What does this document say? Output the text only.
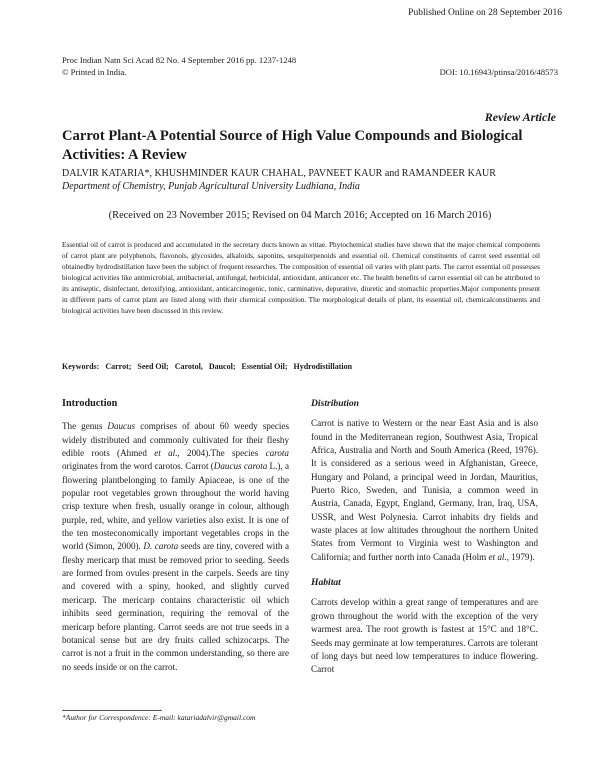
Published Online on 28 September 2016
Proc Indian Natn Sci Acad 82 No. 4 September 2016 pp. 1237-1248
© Printed in India.	DOI: 10.16943/ptinsa/2016/48573
Review Article
Carrot Plant-A Potential Source of High Value Compounds and Biological Activities: A Review
DALVIR KATARIA*, KHUSHMINDER KAUR CHAHAL, PAVNEET KAUR and RAMANDEER KAUR
Department of Chemistry, Punjab Agricultural University Ludhiana, India
(Received on 23 November 2015; Revised on 04 March 2016; Accepted on 16 March 2016)
Essential oil of carrot is produced and accumulated in the secretary ducts known as vittae. Phytochemical studies have shown that the major chemical components of carrot plant are polyphenols, flavonols, glycosides, alkaloids, saponins, sesquiterpenoids and essential oil. Chemical constituents of carrot seed essential oil obtainedby hydrodistillation have been the subject of frequent researches. The composition of essential oil varies with plant parts. The carrot essential oil possesses biological activities like antimicrobial, antibacterial, antifungal, herbicidal, antioxidant, anticancer etc. The health benefits of carrot essential oil can be attributed to its antiseptic, disinfectant, detoxifying, antioxidant, anticarcinogenic, tonic, carminative, depurative, diuretic and stomachic properties.Major components present in different parts of carrot plant are listed along with their chemical composition. The morphological details of plant, its essential oil, chemicalconstituents and biological activities have been discussed in this review.
Keywords: Carrot; Seed Oil; Carotol, Daucol; Essential Oil; Hydrodistillation
Introduction

The genus Daucus comprises of about 60 weedy species widely distributed and commonly cultivated for their fleshy edible roots (Ahmed et al., 2004).The species carota originates from the word carotos. Carrot (Daucus carota L.), a flowering plantbelonging to family Apiaceae, is one of the popular root vegetables grown throughout the world having crisp texture when fresh, usually orange in colour, although purple, red, white, and yellow varieties also exist. It is one of the ten mosteconomically important vegetables crops in the world (Simon, 2000). D. carota seeds are tiny, covered with a fleshy mericarp that must be removed prior to seeding. Seeds are formed from ovules present in the carpels. Seeds are tiny and covered with a spiny, hooked, and slightly curved mericarp. The mericarp contains characteristic oil which inhibits seed germination, requiring the removal of the mericarp before planting. Carrot seeds are not true seeds in a botanical sense but are dry fruits called schizocarps. The carrot is not a fruit in the common understanding, so there are no seeds inside or on the carrot.

Distribution

Carrot is native to Western or the near East Asia and is also found in the Mediterranean region, Southwest Asia, Tropical Africa, Australia and North and South America (Reed, 1976). It is considered as a serious weed in Afghanistan, Greece, Hungary and Poland, a principal weed in Jordan, Mauritius, Puerto Rico, Sweden, and Tunisia, a common weed in Austria, Canada, Egypt, England, Germany, Iran, Iraq, USA, USSR, and West Polynesia. Carrot inhabits dry fields and waste places at low altitudes throughout the northern United States from Vermont to Virginia west to Washington and California; and further north into Canada (Holm et al., 1979).

Habitat

Carrots develop within a great range of temperatures and are grown throughout the world with the exception of the very warmest area. The root growth is fastest at 15°C and 18°C. Seeds may germinate at low temperatures. Carrots are tolerant of long days but need low temperatures to induce flowering. Carrot

*Author for Correspondence: E-mail: katariadalvir@gmail.com
